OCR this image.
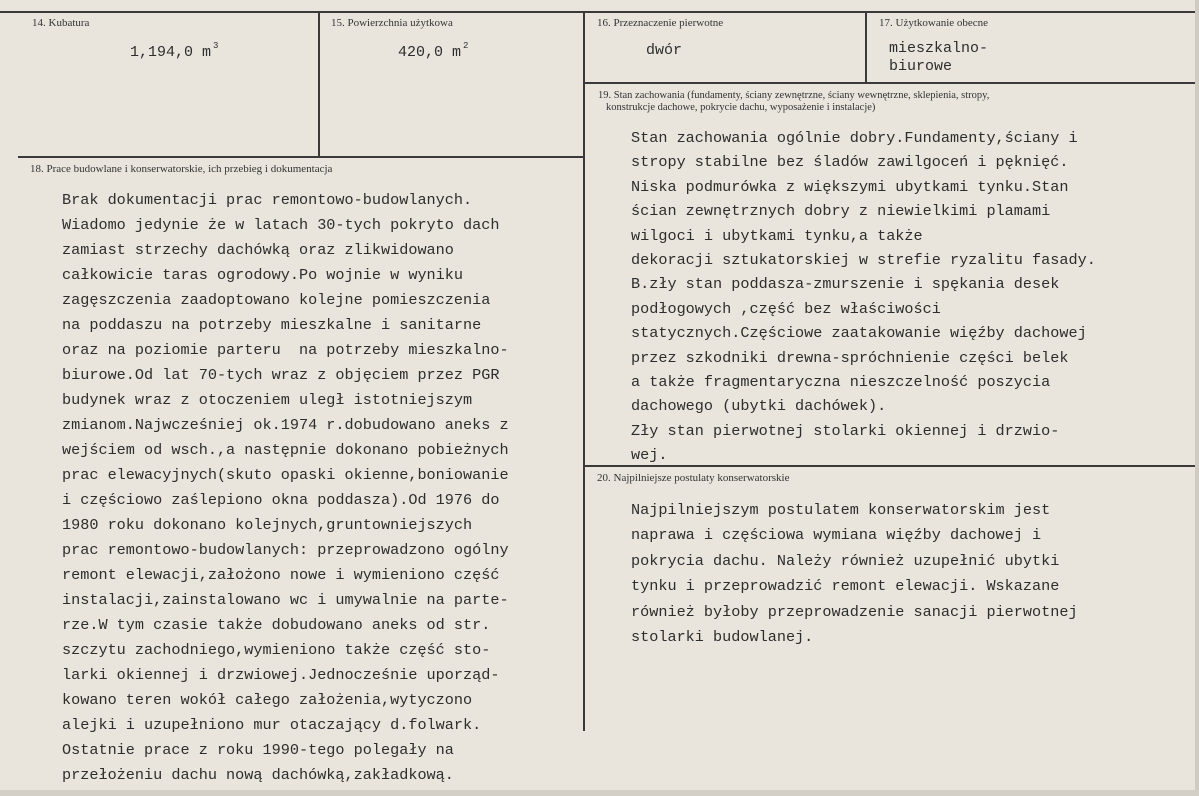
14. Kubatura
1,194,0 m $^3$
15. Powierzchnia użytkowa
420,0 m $^2$
16. Przeznaczenie pierwotne
dwór
17. Użytkowanie obecne
mieszkalno-
biurowe
18. Prace budowlane i konserwatorskie, ich przebieg i dokumentacja
Brak dokumentacji prac remontowo-budowlanych.
Wiadomo jedynie że w latach 30-tych pokryto dach
zamiast strzechy dachówką oraz zlikwidowano
całkowicie taras ogrodowy.Po wojnie w wyniku
zagęszczenia zaadoptowano kolejne pomieszczenia
na poddaszu na potrzeby mieszkalne i sanitarne
oraz na poziomie parteru  na potrzeby mieszkalno-
biurowe.Od lat 70-tych wraz z objęciem przez PGR
budynek wraz z otoczeniem uległ istotniejszym
zmianom.Najwcześniej ok.1974 r.dobudowano aneks z
wejściem od wsch.,a następnie dokonano pobieżnych
prac elewacyjnych(skuto opaski okienne,boniowanie
i częściowo zaślepiono okna poddasza).Od 1976 do
1980 roku dokonano kolejnych,gruntowniejszych
prac remontowo-budowlanych: przeprowadzono ogólny
remont elewacji,założono nowe i wymieniono część
instalacji,zainstalowano wc i umywalnie na parte-
rze.W tym czasie także dobudowano aneks od str.
szczytu zachodniego,wymieniono także część sto-
larki okiennej i drzwiowej.Jednocześnie uporząd-
kowano teren wokół całego założenia,wytyczono
alejki i uzupełniono mur otaczający d.folwark.
Ostatnie prace z roku 1990-tego polegały na
przełożeniu dachu nową dachówką,zakładkową.
19. Stan zachowania (fundamenty, ściany zewnętrzne, ściany wewnętrzne, sklepienia, stropy,
konstrukcje dachowe, pokrycie dachu, wyposażenie i instalacje)
Stan zachowania ogólnie dobry.Fundamenty,ściany i
stropy stabilne bez śladów zawilgoceń i pęknięć.
Niska podmurówka z większymi ubytkami tynku.Stan
ścian zewnętrznych dobry z niewielkimi plamami
wilgoci i ubytkami tynku,a także
dekoracji sztukatorskiej w strefie ryzalitu fasady.
B.zły stan poddasza-zmurszenie i spękania desek
podłogowych ,część bez właściwości
statycznych.Częściowe zaatakowanie więźby dachowej
przez szkodniki drewna-spróchnienie części belek
a także fragmentaryczna nieszczelność poszycia
dachowego (ubytki dachówek).
Zły stan pierwotnej stolarki okiennej i drzwio-
wej.
20. Najpilniejsze postulaty konserwatorskie
Najpilniejszym postulatem konserwatorskim jest
naprawa i częściowa wymiana więźby dachowej i
pokrycia dachu. Należy również uzupełnić ubytki
tynku i przeprowadzić remont elewacji. Wskazane
również byłoby przeprowadzenie sanacji pierwotnej
stolarki budowlanej.
